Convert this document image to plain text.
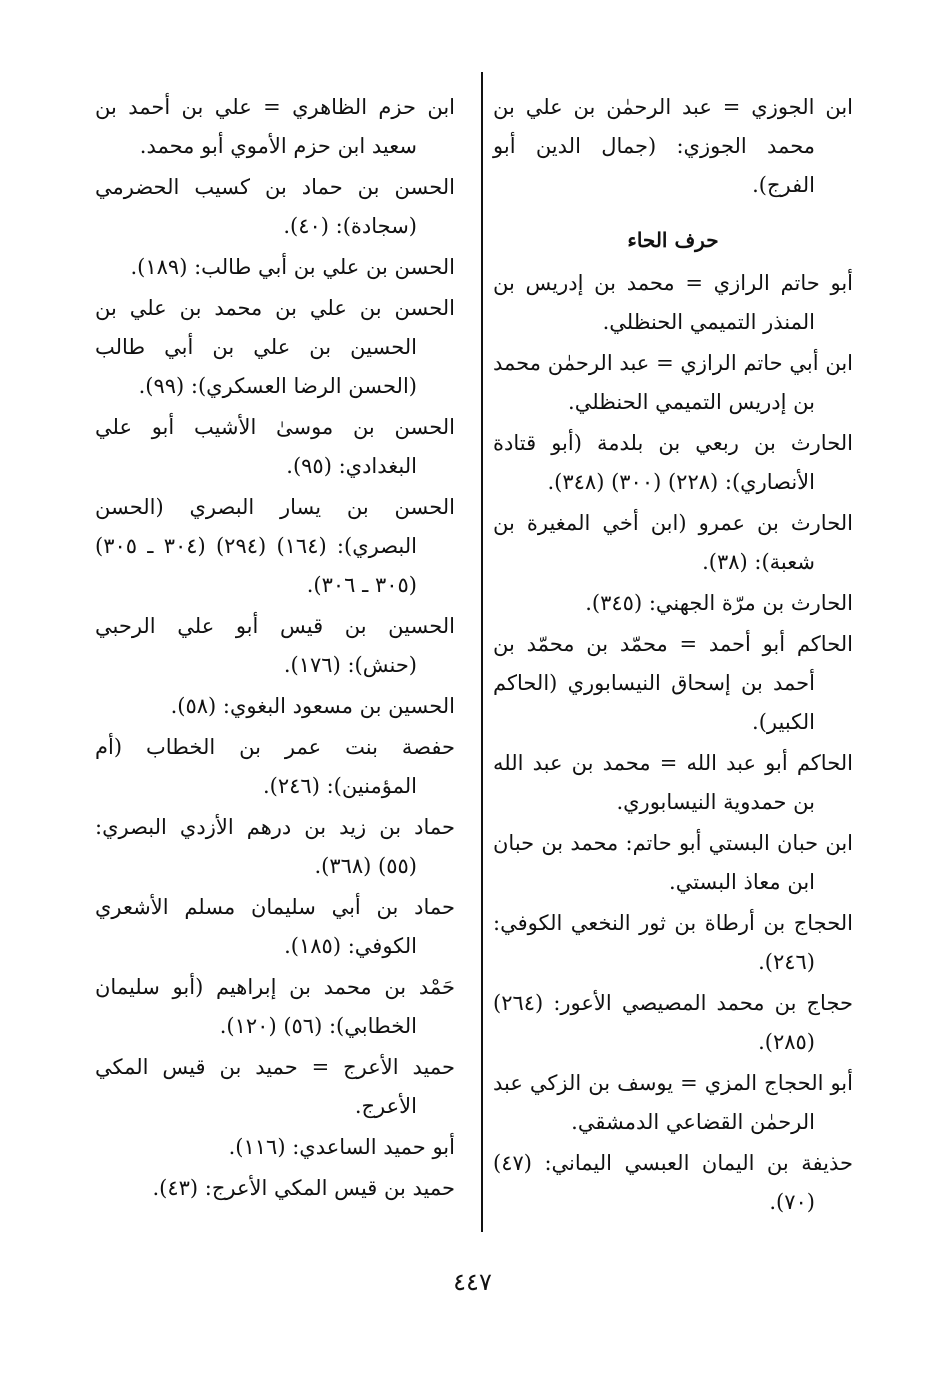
ابن الجوزي = عبد الرحمٰن بن علي بن محمد الجوزي: (جمال الدين أبو الفرج).

حرف الحاء

أبو حاتم الرازي = محمد بن إدريس بن المنذر التميمي الحنظلي.

ابن أبي حاتم الرازي = عبد الرحمٰن محمد بن إدريس التميمي الحنظلي.

الحارث بن ربعي بن بلدمة (أبو قتادة الأنصاري): (٢٢٨) (٣٠٠) (٣٤٨).

الحارث بن عمرو (ابن أخي المغيرة بن شعبة): (٣٨).

الحارث بن مرّة الجهني: (٣٤٥).

الحاكم أبو أحمد = محمّد بن محمّد بن أحمد بن إسحاق النيسابوري (الحاكم الكبير).

الحاكم أبو عبد الله = محمد بن عبد الله بن حمدوية النيسابوري.

ابن حبان البستي أبو حاتم: محمد بن حبان ابن معاذ البستي.

الحجاج بن أرطاة بن ثور النخعي الكوفي: (٢٤٦).

حجاج بن محمد المصيصي الأعور: (٢٦٤) (٢٨٥).

أبو الحجاج المزي = يوسف بن الزكي عبد الرحمٰن القضاعي الدمشقي.

حذيفة بن اليمان العبسي اليماني: (٤٧) (٧٠).

ابن حزم الظاهري = علي بن أحمد بن سعيد ابن حزم الأموي أبو محمد.

الحسن بن حماد بن كسيب الحضرمي (سجادة): (٤٠).

الحسن بن علي بن أبي طالب: (١٨٩).

الحسن بن علي بن محمد بن علي بن الحسين بن علي بن أبي طالب (الحسن الرضا العسكري): (٩٩).

الحسن بن موسىٰ الأشيب أبو علي البغدادي: (٩٥).

الحسن بن يسار البصري (الحسن البصري): (١٦٤) (٢٩٤) (٣٠٤ ـ ٣٠٥) (٣٠٥ ـ ٣٠٦).

الحسين بن قيس أبو علي الرحبي (حنش): (١٧٦).

الحسين بن مسعود البغوي: (٥٨).

حفصة بنت عمر بن الخطاب (أم المؤمنين): (٢٤٦).

حماد بن زيد بن درهم الأزدي البصري: (٥٥) (٣٦٨).

حماد بن أبي سليمان مسلم الأشعري الكوفي: (١٨٥).

حَمْد بن محمد بن إبراهيم (أبو سليمان الخطابي): (٥٦) (١٢٠).

حميد الأعرج = حميد بن قيس المكي الأعرج.

أبو حميد الساعدي: (١١٦).

حميد بن قيس المكي الأعرج: (٤٣).

٤٤٧
